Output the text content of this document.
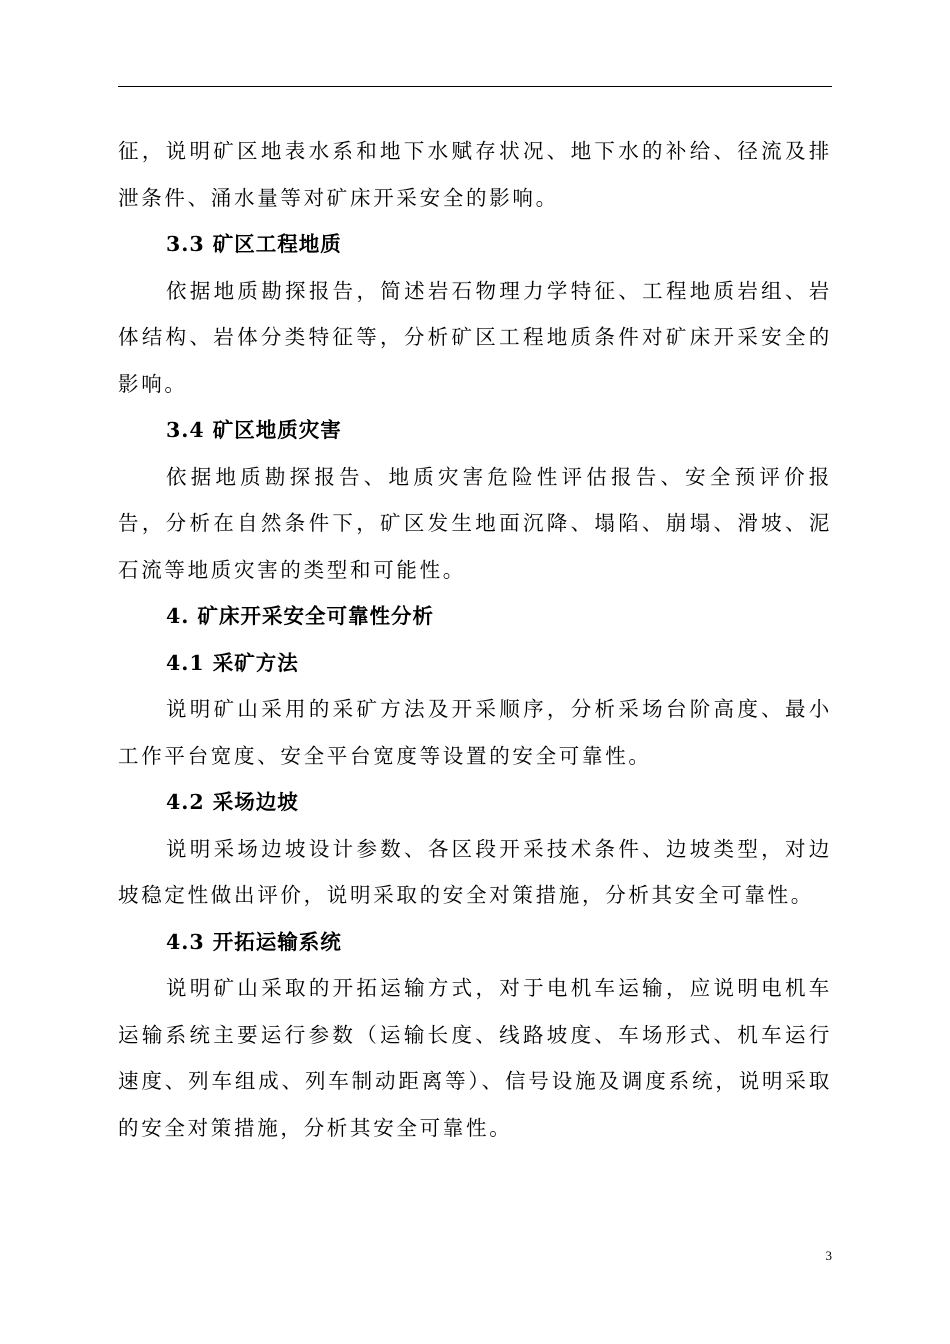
征，说明矿区地表水系和地下水赋存状况、地下水的补给、径流及排泄条件、涌水量等对矿床开采安全的影响。

3.3 矿区工程地质

依据地质勘探报告，简述岩石物理力学特征、工程地质岩组、岩体结构、岩体分类特征等，分析矿区工程地质条件对矿床开采安全的影响。

3.4 矿区地质灾害

依据地质勘探报告、地质灾害危险性评估报告、安全预评价报告，分析在自然条件下，矿区发生地面沉降、塌陷、崩塌、滑坡、泥石流等地质灾害的类型和可能性。

4. 矿床开采安全可靠性分析
4.1 采矿方法

说明矿山采用的采矿方法及开采顺序，分析采场台阶高度、最小工作平台宽度、安全平台宽度等设置的安全可靠性。

4.2 采场边坡

说明采场边坡设计参数、各区段开采技术条件、边坡类型，对边坡稳定性做出评价，说明采取的安全对策措施，分析其安全可靠性。

4.3 开拓运输系统

说明矿山采取的开拓运输方式，对于电机车运输，应说明电机车运输系统主要运行参数（运输长度、线路坡度、车场形式、机车运行速度、列车组成、列车制动距离等）、信号设施及调度系统，说明采取的安全对策措施，分析其安全可靠性。

3
